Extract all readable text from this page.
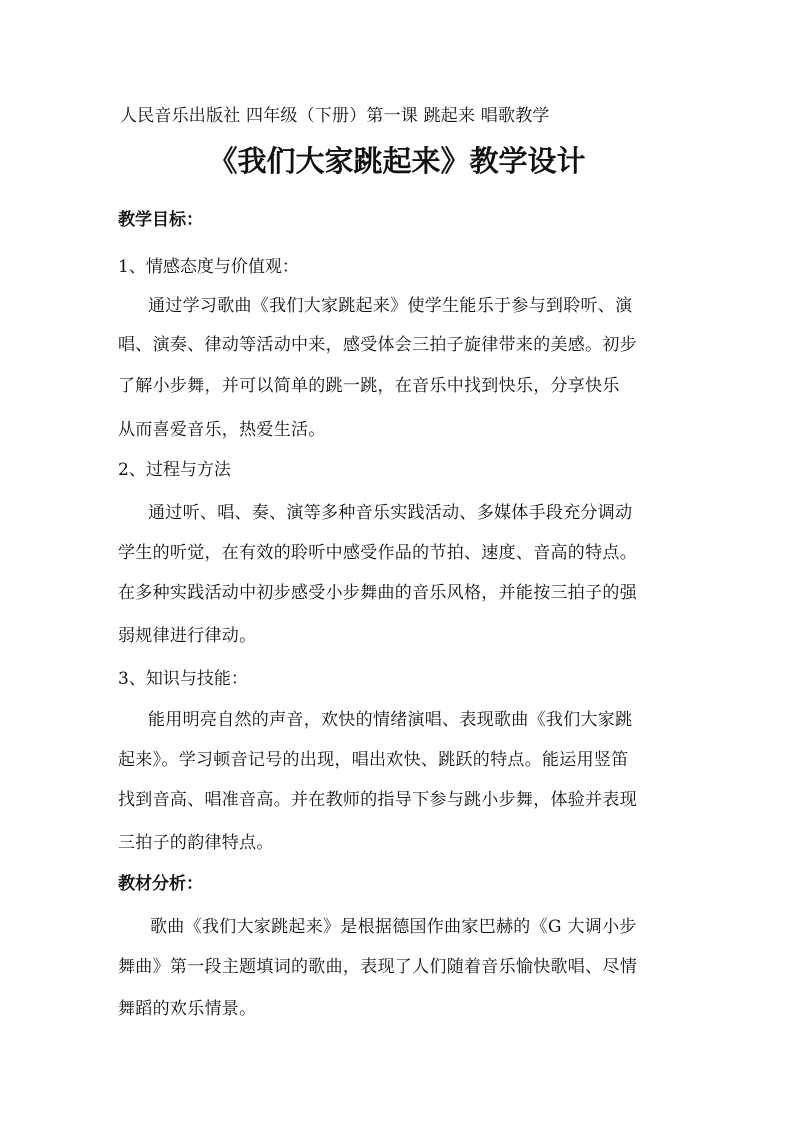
人民音乐出版社 四年级（下册）第一课 跳起来 唱歌教学
《我们大家跳起来》教学设计
教学目标：
1、情感态度与价值观：
通过学习歌曲《我们大家跳起来》使学生能乐于参与到聆听、演
唱、演奏、律动等活动中来，感受体会三拍子旋律带来的美感。初步
了解小步舞，并可以简单的跳一跳，在音乐中找到快乐，分享快乐
从而喜爱音乐，热爱生活。
2、过程与方法
通过听、唱、奏、演等多种音乐实践活动、多媒体手段充分调动
学生的听觉，在有效的聆听中感受作品的节拍、速度、音高的特点。
在多种实践活动中初步感受小步舞曲的音乐风格，并能按三拍子的强
弱规律进行律动。
3、知识与技能：
能用明亮自然的声音，欢快的情绪演唱、表现歌曲《我们大家跳
起来》。学习顿音记号的出现，唱出欢快、跳跃的特点。能运用竖笛
找到音高、唱准音高。并在教师的指导下参与跳小步舞，体验并表现
三拍子的韵律特点。
教材分析：
歌曲《我们大家跳起来》是根据德国作曲家巴赫的《G 大调小步
舞曲》第一段主题填词的歌曲，表现了人们随着音乐愉快歌唱、尽情
舞蹈的欢乐情景。
